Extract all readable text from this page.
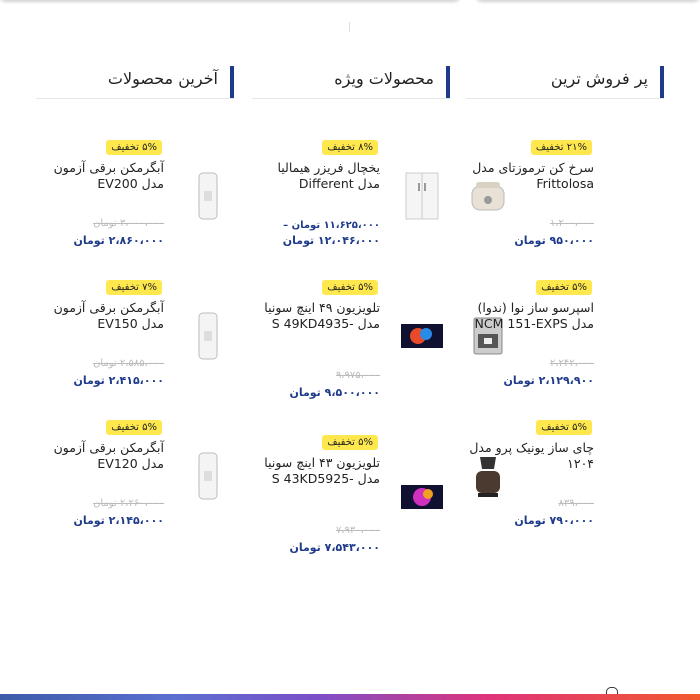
پر فروش ترین
۲۱% تخفیف
سرخ کن ترموزتای مدل Frittolosa
۱،۲۰۰،۰۰۰
۹۵۰،۰۰۰ تومان
۵% تخفیف
اسپرسو ساز نوا (ندوا) مدل NCM 151-EXPS
۲،۲۴۲،۰۰۰
۲،۱۲۹،۹۰۰ تومان
۵% تخفیف
چای ساز یونیک پرو مدل ۱۲۰۴
۸۳۹،۰۰۰
۷۹۰،۰۰۰ تومان
محصولات ویژه
۸% تخفیف
یخچال فریزر هیمالیا مدل Different
۱۱،۶۲۵،۰۰۰ تومان –
۱۲،۰۴۶،۰۰۰ تومان
۵% تخفیف
تلویزیون ۴۹ اینچ سونیا مدل -S 49KD4935
۹،۹۷۵،۰۰۰
۹،۵۰۰،۰۰۰ تومان
۵% تخفیف
تلویزیون ۴۳ اینچ سونیا مدل -S 43KD5925
۷،۹۳۰،۰۰۰
۷،۵۴۳،۰۰۰ تومان
آخرین محصولات
۵% تخفیف
آبگرمکن برقی آزمون مدل EV200
۳،۰۰۰،۰۰۰ تومان
۲،۸۶۰،۰۰۰ تومان
۷% تخفیف
آبگرمکن برقی آزمون مدل EV150
۲،۵۸۵،۰۰۰ تومان
۲،۴۱۵،۰۰۰ تومان
۵% تخفیف
آبگرمکن برقی آزمون مدل EV120
۲،۲۶۰،۰۰۰ تومان
۲،۱۴۵،۰۰۰ تومان
